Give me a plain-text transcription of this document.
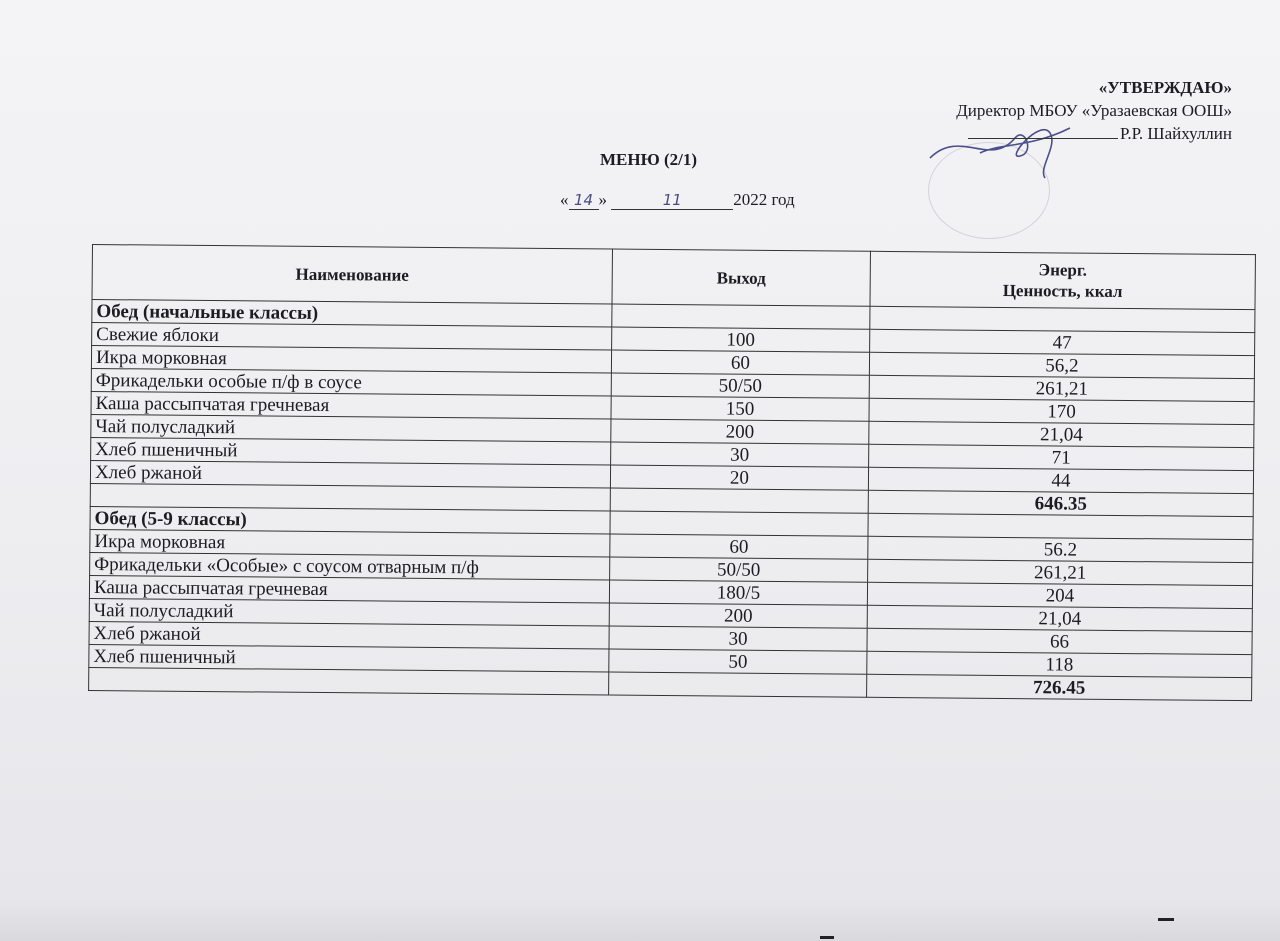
«УТВЕРЖДАЮ»
Директор МБОУ «Уразаевская ООШ»
Р.Р. Шайхуллин
МЕНЮ (2/1)
« 14 »	11	2022 год
Наименование	Выход	Энерг.
Ценность, ккал
Обед (начальные классы)		
Свежие яблоки	100	47
Икра морковная	60	56,2
Фрикадельки особые п/ф в соусе	50/50	261,21
Каша рассыпчатая гречневая	150	170
Чай полусладкий	200	21,04
Хлеб пшеничный	30	71
Хлеб ржаной	20	44
		646.35
Обед (5-9 классы)		
Икра морковная	60	56.2
Фрикадельки «Особые» с соусом отварным п/ф	50/50	261,21
Каша рассыпчатая гречневая	180/5	204
Чай полусладкий	200	21,04
Хлеб ржаной	30	66
Хлеб пшеничный	50	118
		726.45
